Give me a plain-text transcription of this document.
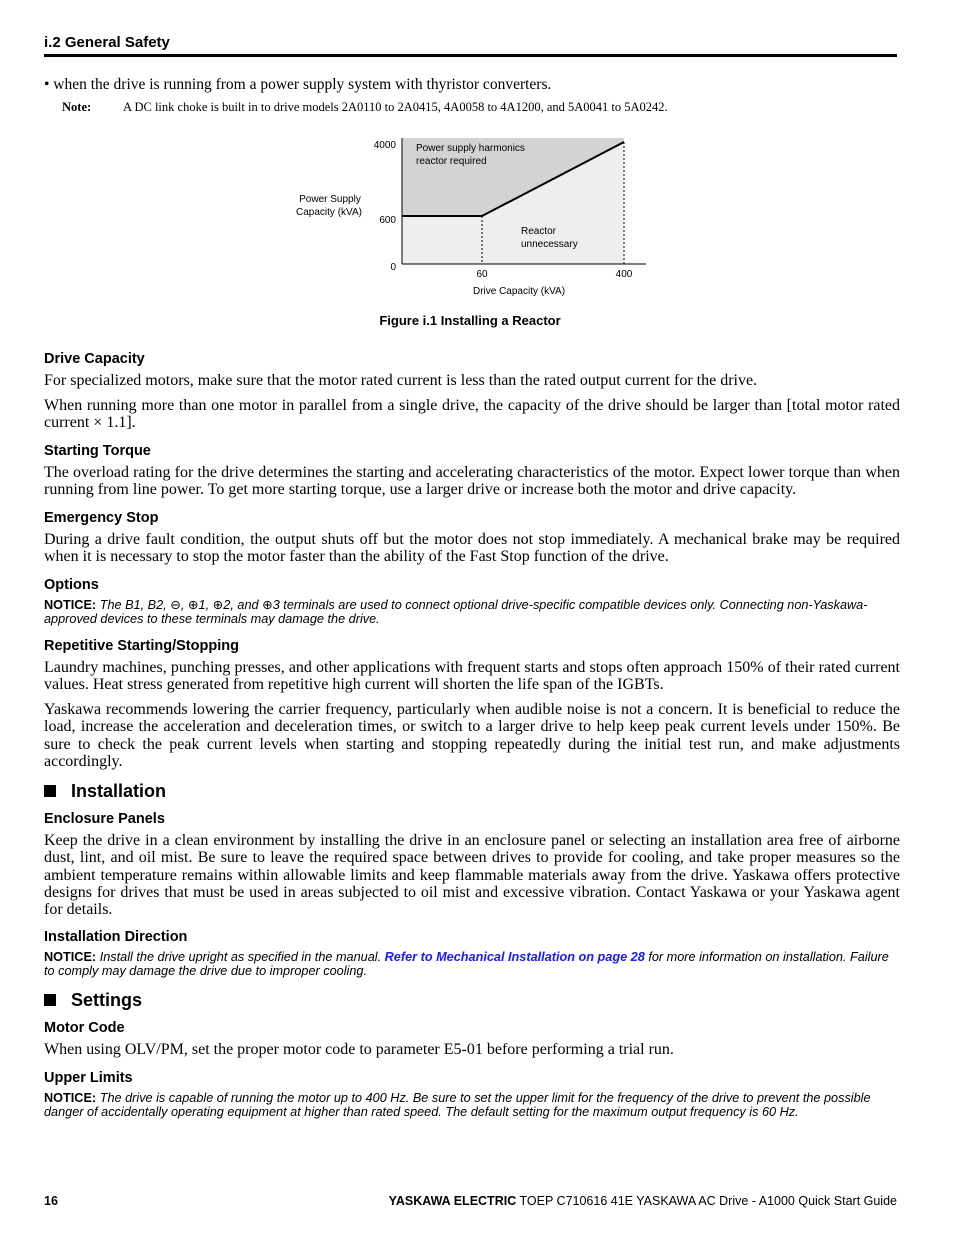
i.2 General Safety
• when the drive is running from a power supply system with thyristor converters.
Note:	A DC link choke is built in to drive models 2A0110 to 2A0415, 4A0058 to 4A1200, and 5A0041 to 5A0242.
4000
600
0
60	400
Drive Capacity (kVA)
Power Supply
Capacity (kVA)
Power supply harmonics
reactor required
Reactor
unnecessary
Figure i.1 Installing a Reactor
Drive Capacity
For specialized motors, make sure that the motor rated current is less than the rated output current for the drive.
When running more than one motor in parallel from a single drive, the capacity of the drive should be larger than [total motor rated current × 1.1].
Starting Torque
The overload rating for the drive determines the starting and accelerating characteristics of the motor. Expect lower torque than when running from line power. To get more starting torque, use a larger drive or increase both the motor and drive capacity.
Emergency Stop
During a drive fault condition, the output shuts off but the motor does not stop immediately. A mechanical brake may be required when it is necessary to stop the motor faster than the ability of the Fast Stop function of the drive.
Options
NOTICE: The B1, B2, ⊖, ⊕1, ⊕2, and ⊕3 terminals are used to connect optional drive-specific compatible devices only. Connecting non-Yaskawa-approved devices to these terminals may damage the drive.
Repetitive Starting/Stopping
Laundry machines, punching presses, and other applications with frequent starts and stops often approach 150% of their rated current values. Heat stress generated from repetitive high current will shorten the life span of the IGBTs.
Yaskawa recommends lowering the carrier frequency, particularly when audible noise is not a concern. It is beneficial to reduce the load, increase the acceleration and deceleration times, or switch to a larger drive to help keep peak current levels under 150%. Be sure to check the peak current levels when starting and stopping repeatedly during the initial test run, and make adjustments accordingly.
Installation
Enclosure Panels
Keep the drive in a clean environment by installing the drive in an enclosure panel or selecting an installation area free of airborne dust, lint, and oil mist. Be sure to leave the required space between drives to provide for cooling, and take proper measures so the ambient temperature remains within allowable limits and keep flammable materials away from the drive. Yaskawa offers protective designs for drives that must be used in areas subjected to oil mist and excessive vibration. Contact Yaskawa or your Yaskawa agent for details.
Installation Direction
NOTICE: Install the drive upright as specified in the manual. Refer to Mechanical Installation on page 28 for more information on installation. Failure to comply may damage the drive due to improper cooling.
Settings
Motor Code
When using OLV/PM, set the proper motor code to parameter E5-01 before performing a trial run.
Upper Limits
NOTICE: The drive is capable of running the motor up to 400 Hz. Be sure to set the upper limit for the frequency of the drive to prevent the possible danger of accidentally operating equipment at higher than rated speed. The default setting for the maximum output frequency is 60 Hz.
16	YASKAWA ELECTRIC TOEP C710616 41E YASKAWA AC Drive - A1000 Quick Start Guide
